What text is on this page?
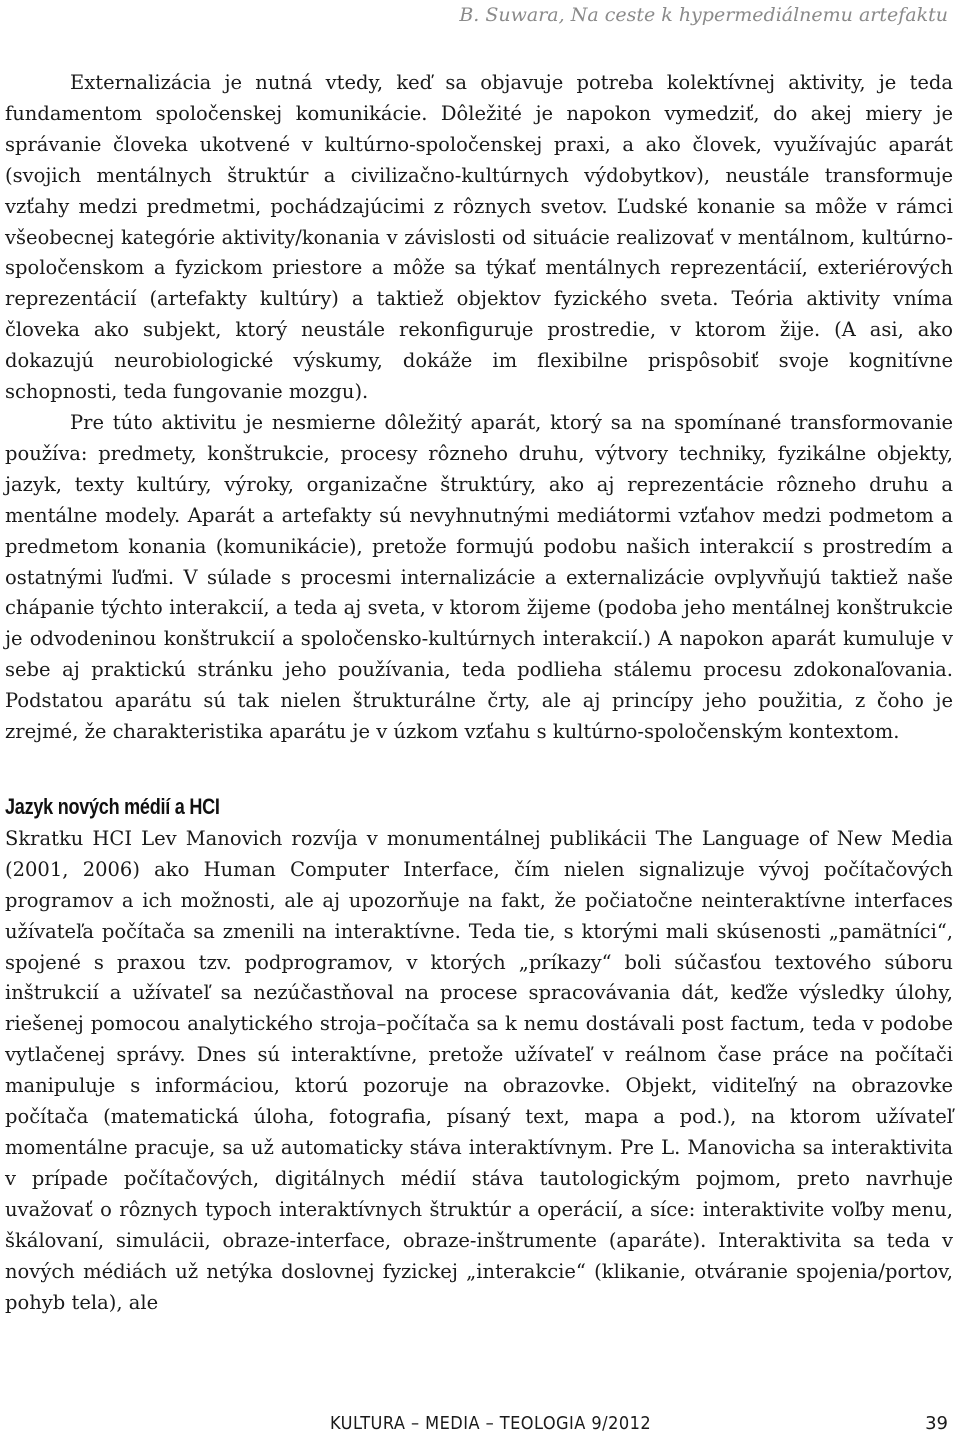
B. Suwara, Na ceste k hypermediálnemu artefaktu

Externalizácia je nutná vtedy, keď sa objavuje potreba kolektívnej aktivity, je teda fundamentom spoločenskej komunikácie. Dôležité je napokon vymedziť, do akej miery je správanie človeka ukotvené v kultúrno-spoločenskej praxi, a ako človek, využívajúc aparát (svojich mentálnych štruktúr a civilizačno-kultúrnych výdobytkov), neustále transformuje vzťahy medzi predmetmi, pochádzajúcimi z rôznych svetov. Ľudské konanie sa môže v rámci všeobecnej kategórie aktivity/konania v závislosti od situácie realizovať v mentálnom, kultúrno-spoločenskom a fyzickom priestore a môže sa týkať mentálnych reprezentácií, exteriérových reprezentácií (artefakty kultúry) a taktiež objektov fyzického sveta. Teória aktivity vníma človeka ako subjekt, ktorý neustále rekonfiguruje prostredie, v ktorom žije. (A asi, ako dokazujú neurobiologické výskumy, dokáže im flexibilne prispôsobiť svoje kognitívne schopnosti, teda fungovanie mozgu).

Pre túto aktivitu je nesmierne dôležitý aparát, ktorý sa na spomínané transformovanie používa: predmety, konštrukcie, procesy rôzneho druhu, výtvory techniky, fyzikálne objekty, jazyk, texty kultúry, výroky, organizačne štruktúry, ako aj reprezentácie rôzneho druhu a mentálne modely. Aparát a artefakty sú nevyhnutnými mediátormi vzťahov medzi podmetom a predmetom konania (komunikácie), pretože formujú podobu našich interakcií s prostredím a ostatnými ľuďmi. V súlade s procesmi internalizácie a externalizácie ovplyvňujú taktiež naše chápanie týchto interakcií, a teda aj sveta, v ktorom žijeme (podoba jeho mentálnej konštrukcie je odvodeninou konštrukcií a spoločensko-kultúrnych interakcií.) A napokon aparát kumuluje v sebe aj praktickú stránku jeho používania, teda podlieha stálemu procesu zdokonaľovania. Podstatou aparátu sú tak nielen štrukturálne črty, ale aj princípy jeho použitia, z čoho je zrejmé, že charakteristika aparátu je v úzkom vzťahu s kultúrno-spoločenským kontextom.

Jazyk nových médií a HCI

Skratku HCI Lev Manovich rozvíja v monumentálnej publikácii The Language of New Media (2001, 2006) ako Human Computer Interface, čím nielen signalizuje vývoj počítačových programov a ich možnosti, ale aj upozorňuje na fakt, že počiatočne neinteraktívne interfaces užívateľa počítača sa zmenili na interaktívne. Teda tie, s ktorými mali skúsenosti „pamätníci“, spojené s praxou tzv. podprogramov, v ktorých „príkazy“ boli súčasťou textového súboru inštrukcií a užívateľ sa nezúčastňoval na procese spracovávania dát, keďže výsledky úlohy, riešenej pomocou analytického stroja–počítača sa k nemu dostávali post factum, teda v podobe vytlačenej správy. Dnes sú interaktívne, pretože užívateľ v reálnom čase práce na počítači manipuluje s informáciou, ktorú pozoruje na obrazovke. Objekt, viditeľný na obrazovke počítača (matematická úloha, fotografia, písaný text, mapa a pod.), na ktorom užívateľ momentálne pracuje, sa už automaticky stáva interaktívnym. Pre L. Manovicha sa interaktivita v prípade počítačových, digitálnych médií stáva tautologickým pojmom, preto navrhuje uvažovať o rôznych typoch interaktívnych štruktúr a operácií, a síce: interaktivite voľby menu, škálovaní, simulácii, obraze-interface, obraze-inštrumente (aparáte). Interaktivita sa teda v nových médiách už netýka doslovnej fyzickej „interakcie“ (klikanie, otváranie spojenia/portov, pohyb tela), ale

KULTURA – MEDIA – TEOLOGIA 9/2012	39
